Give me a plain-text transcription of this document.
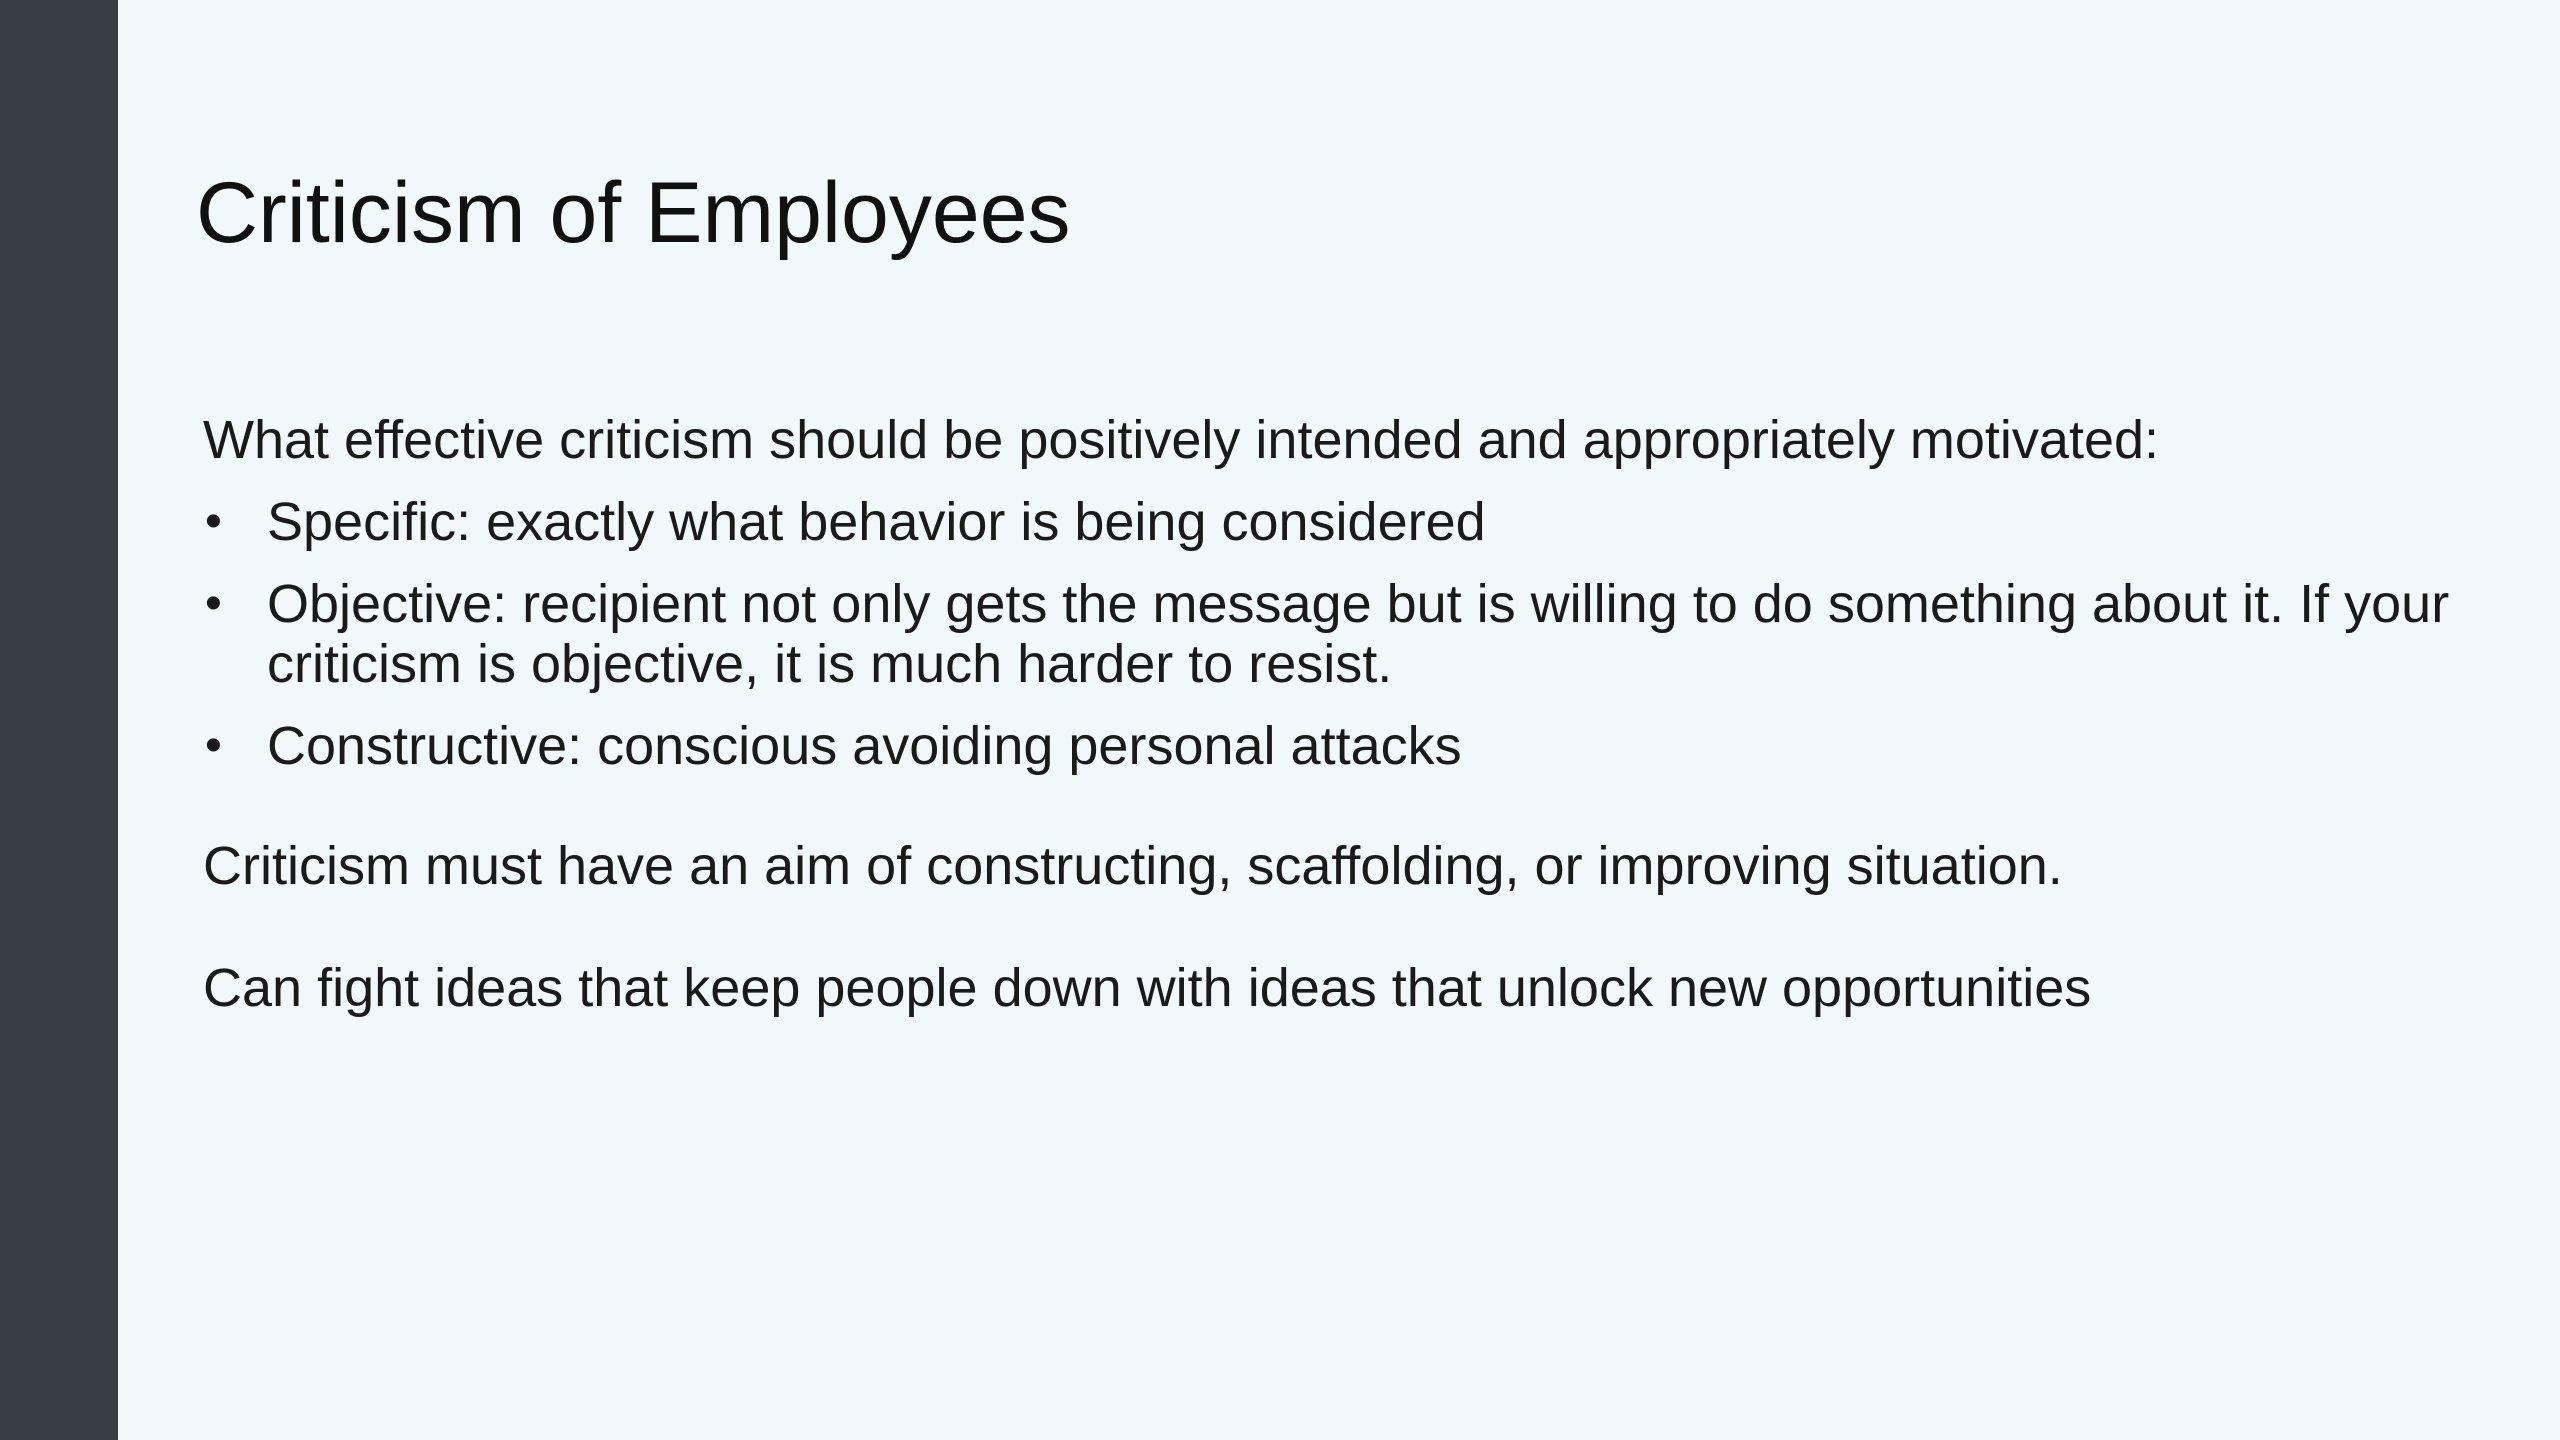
Criticism of Employees

What effective criticism should be positively intended and appropriately motivated:

• Specific: exactly what behavior is being considered
• Objective: recipient not only gets the message but is willing to do something about it. If your criticism is objective, it is much harder to resist.
• Constructive: conscious avoiding personal attacks

Criticism must have an aim of constructing, scaffolding, or improving situation.

Can fight ideas that keep people down with ideas that unlock new opportunities
